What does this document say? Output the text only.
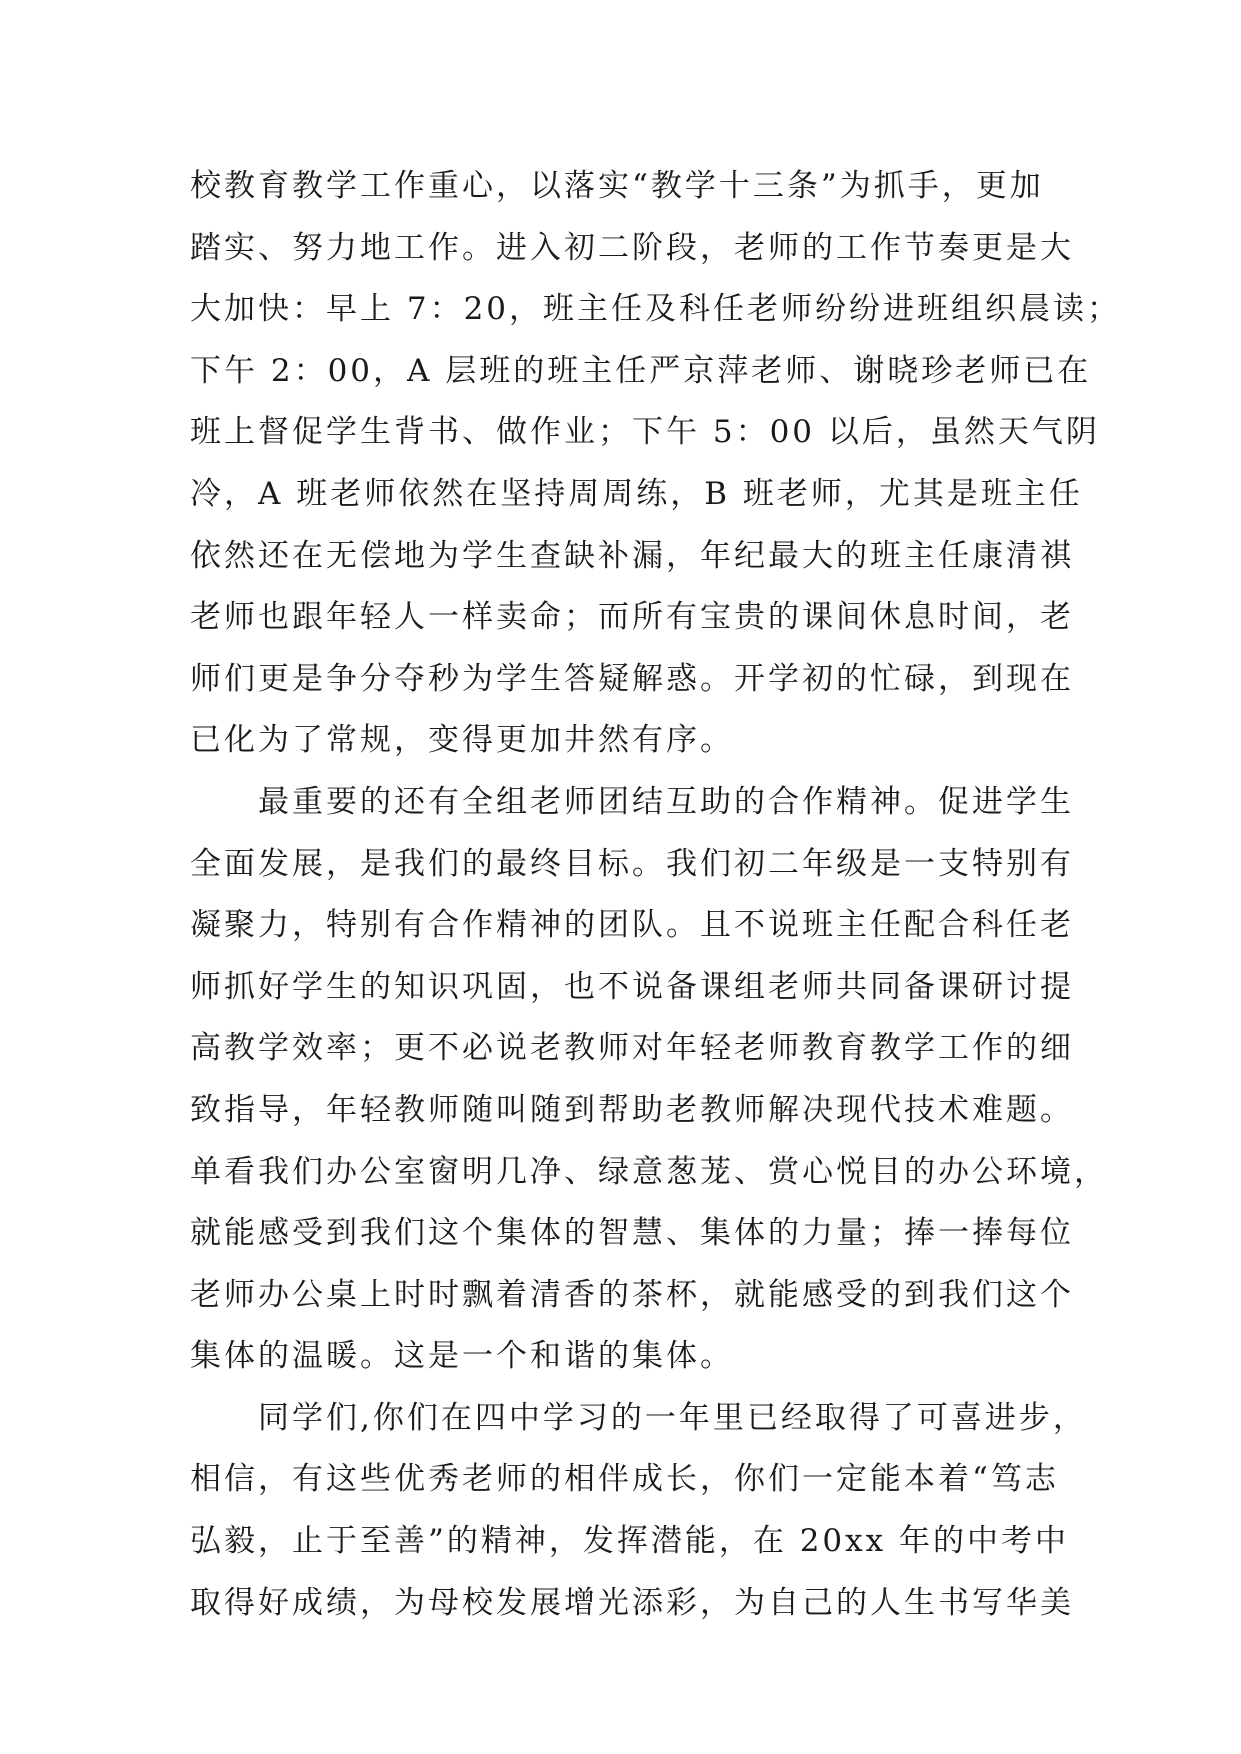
校教育教学工作重心，以落实“教学十三条”为抓手，更加
踏实、努力地工作。进入初二阶段，老师的工作节奏更是大
大加快：早上 7：20，班主任及科任老师纷纷进班组织晨读；
下午 2：00，A 层班的班主任严京萍老师、谢晓珍老师已在
班上督促学生背书、做作业；下午 5：00 以后，虽然天气阴
冷，A 班老师依然在坚持周周练，B 班老师，尤其是班主任
依然还在无偿地为学生查缺补漏，年纪最大的班主任康清祺
老师也跟年轻人一样卖命；而所有宝贵的课间休息时间，老
师们更是争分夺秒为学生答疑解惑。开学初的忙碌，到现在
已化为了常规，变得更加井然有序。
最重要的还有全组老师团结互助的合作精神。促进学生
全面发展，是我们的最终目标。我们初二年级是一支特别有
凝聚力，特别有合作精神的团队。且不说班主任配合科任老
师抓好学生的知识巩固，也不说备课组老师共同备课研讨提
高教学效率；更不必说老教师对年轻老师教育教学工作的细
致指导，年轻教师随叫随到帮助老教师解决现代技术难题。
单看我们办公室窗明几净、绿意葱茏、赏心悦目的办公环境，
就能感受到我们这个集体的智慧、集体的力量；捧一捧每位
老师办公桌上时时飘着清香的茶杯，就能感受的到我们这个
集体的温暖。这是一个和谐的集体。
同学们,你们在四中学习的一年里已经取得了可喜进步，
相信，有这些优秀老师的相伴成长，你们一定能本着“笃志
弘毅，止于至善”的精神，发挥潜能，在 20xx 年的中考中
取得好成绩，为母校发展增光添彩，为自己的人生书写华美
